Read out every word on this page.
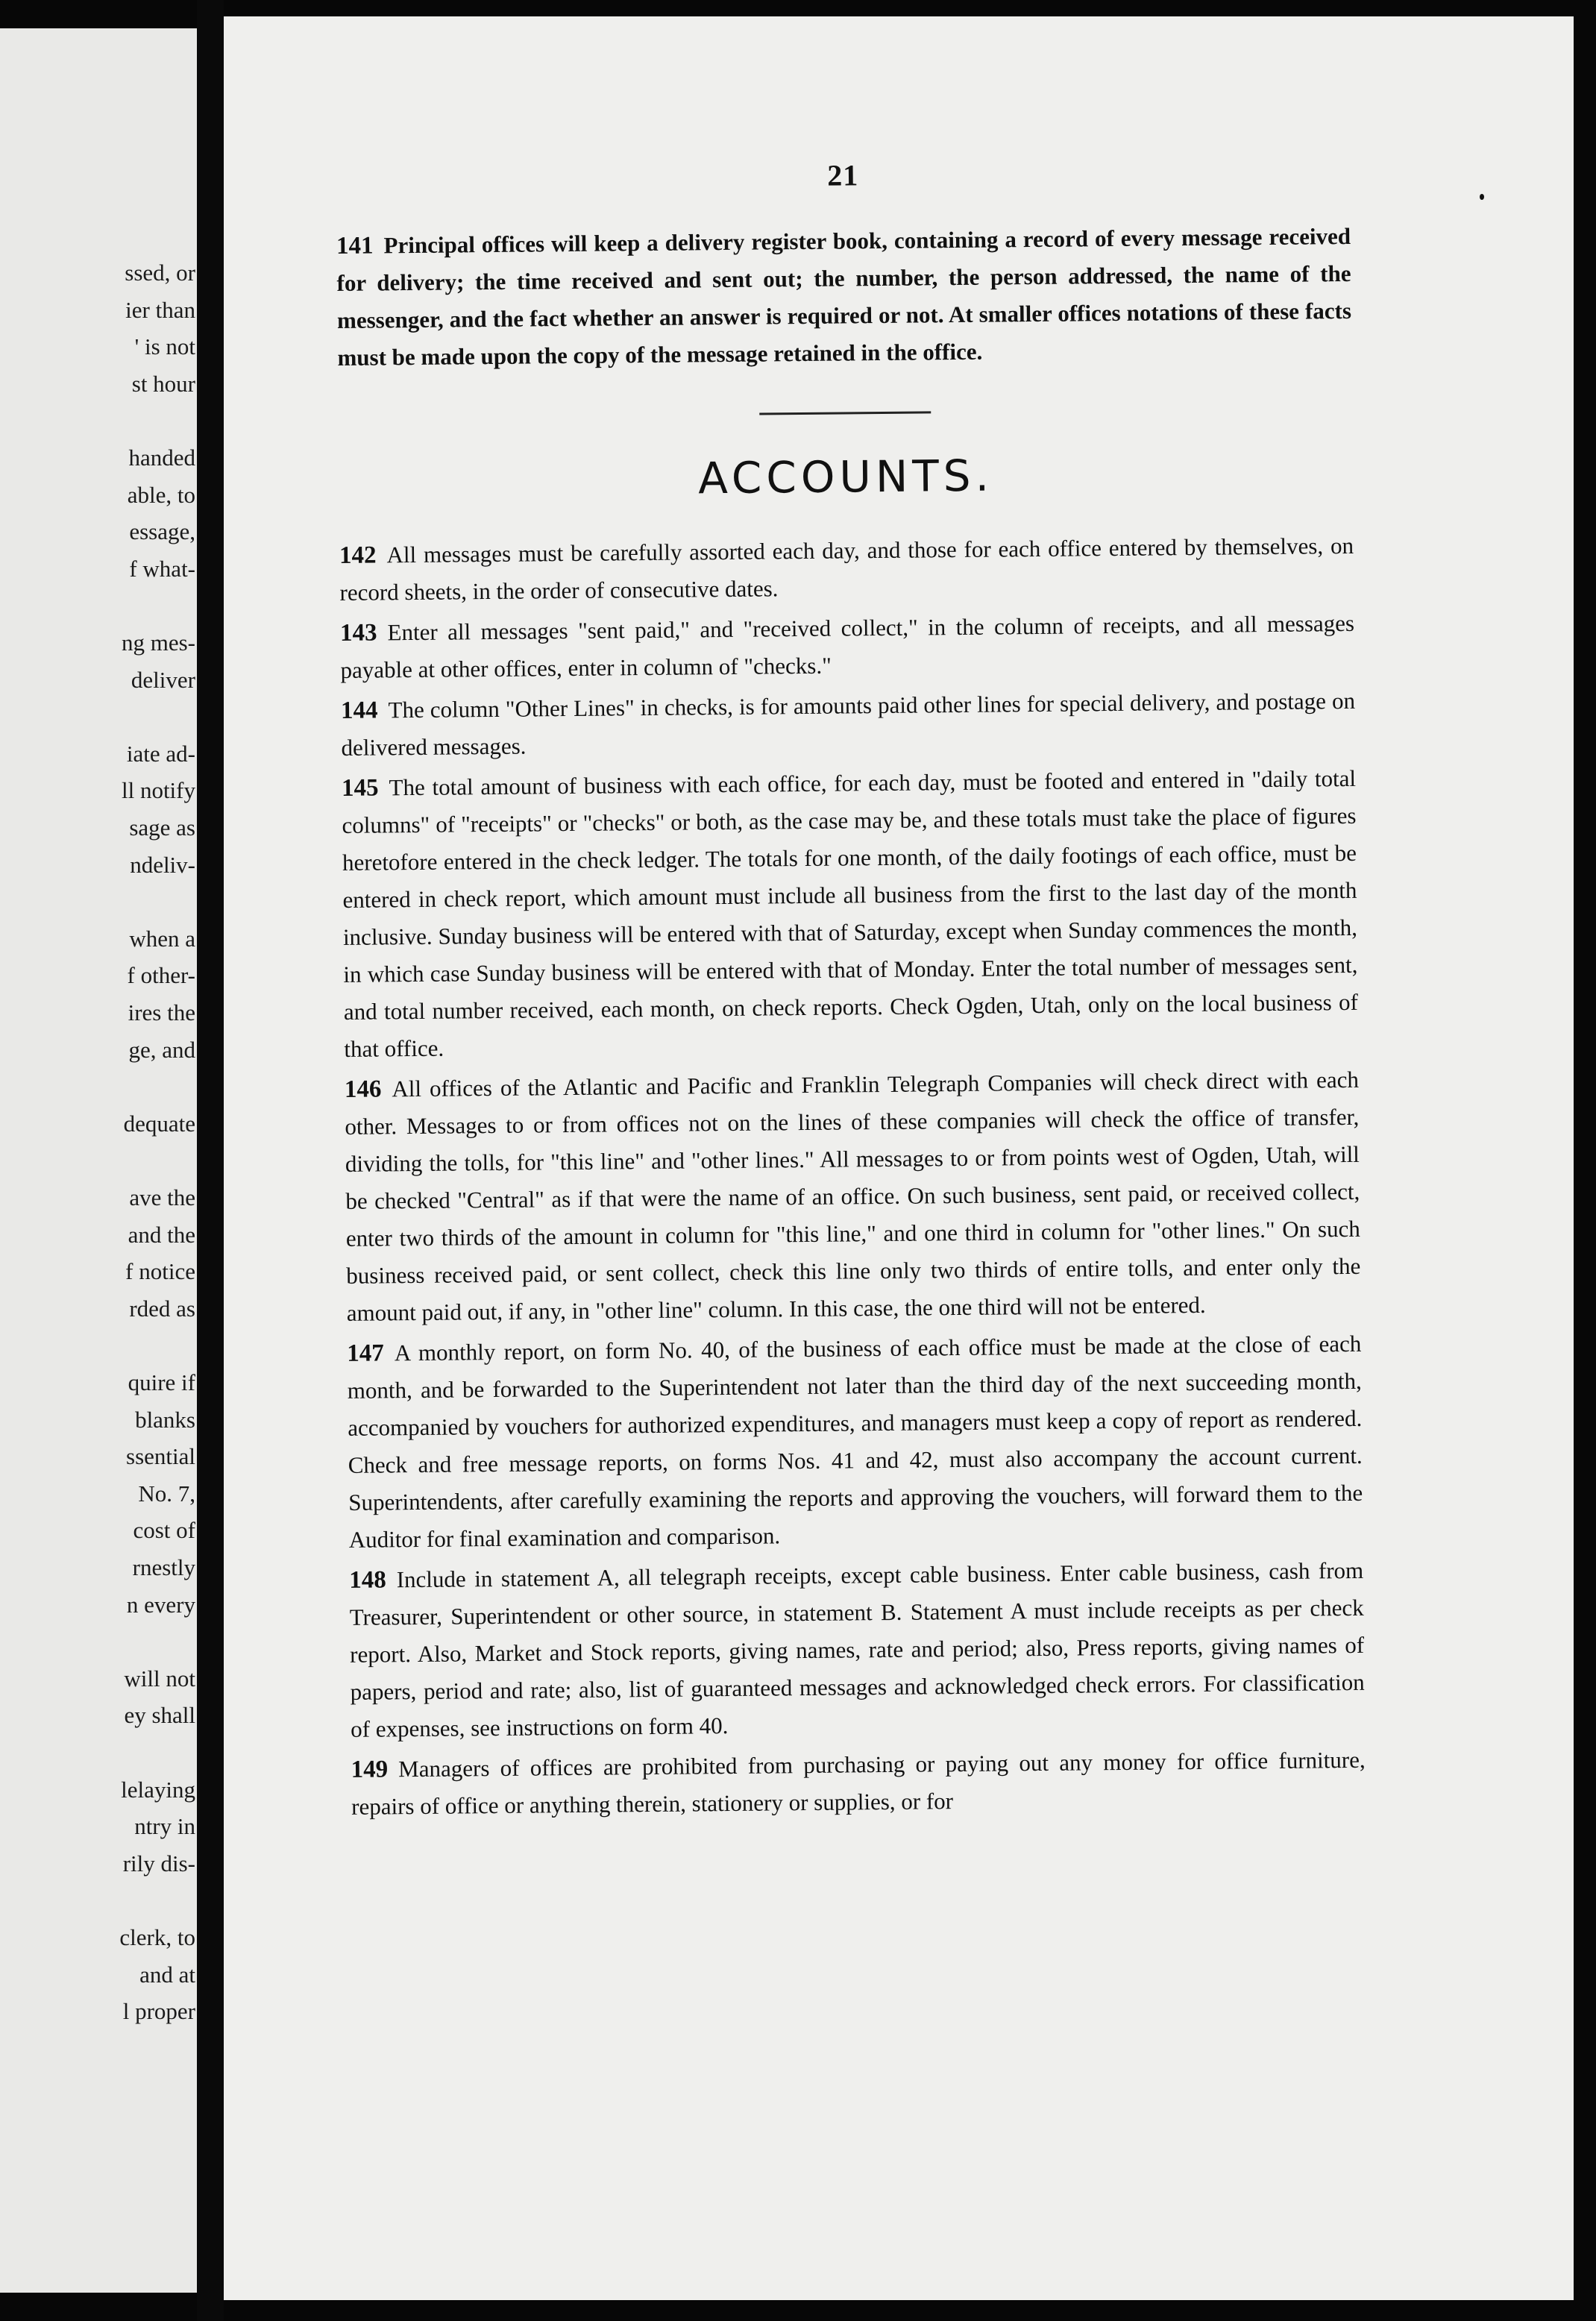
ssed, or
ier than
' is not
st hour
handed
able, to
essage,
f what-
ng mes-
deliver
iate ad-
ll notify
sage as
ndeliv-
when a
f other-
ires the
ge, and
dequate
ave the
and the
f notice
rded as
quire if
blanks
ssential
No. 7,
cost of
rnestly
n every
will not
ey shall
lelaying
ntry in
rily dis-
clerk, to
and at
l proper
21

141 Principal offices will keep a delivery register book, containing a record of every message received for delivery; the time received and sent out; the number, the person addressed, the name of the messenger, and the fact whether an answer is required or not. At smaller offices notations of these facts must be made upon the copy of the message retained in the office.

ACCOUNTS.

142 All messages must be carefully assorted each day, and those for each office entered by themselves, on record sheets, in the order of consecutive dates.

143 Enter all messages "sent paid," and "received collect," in the column of receipts, and all messages payable at other offices, enter in column of "checks."

144 The column "Other Lines" in checks, is for amounts paid other lines for special delivery, and postage on delivered messages.

145 The total amount of business with each office, for each day, must be footed and entered in "daily total columns" of "receipts" or "checks" or both, as the case may be, and these totals must take the place of figures heretofore entered in the check ledger. The totals for one month, of the daily footings of each office, must be entered in check report, which amount must include all business from the first to the last day of the month inclusive. Sunday business will be entered with that of Saturday, except when Sunday commences the month, in which case Sunday business will be entered with that of Monday. Enter the total number of messages sent, and total number received, each month, on check reports. Check Ogden, Utah, only on the local business of that office.

146 All offices of the Atlantic and Pacific and Franklin Telegraph Companies will check direct with each other. Messages to or from offices not on the lines of these companies will check the office of transfer, dividing the tolls, for "this line" and "other lines." All messages to or from points west of Ogden, Utah, will be checked "Central" as if that were the name of an office. On such business, sent paid, or received collect, enter two thirds of the amount in column for "this line," and one third in column for "other lines." On such business received paid, or sent collect, check this line only two thirds of entire tolls, and enter only the amount paid out, if any, in "other line" column. In this case, the one third will not be entered.

147 A monthly report, on form No. 40, of the business of each office must be made at the close of each month, and be forwarded to the Superintendent not later than the third day of the next succeeding month, accompanied by vouchers for authorized expenditures, and managers must keep a copy of report as rendered. Check and free message reports, on forms Nos. 41 and 42, must also accompany the account current. Superintendents, after carefully examining the reports and approving the vouchers, will forward them to the Auditor for final examination and comparison.

148 Include in statement A, all telegraph receipts, except cable business. Enter cable business, cash from Treasurer, Superintendent or other source, in statement B. Statement A must include receipts as per check report. Also, Market and Stock reports, giving names, rate and period; also, Press reports, giving names of papers, period and rate; also, list of guaranteed messages and acknowledged check errors. For classification of expenses, see instructions on form 40.

149 Managers of offices are prohibited from purchasing or paying out any money for office furniture, repairs of office or anything therein, stationery or supplies, or for
